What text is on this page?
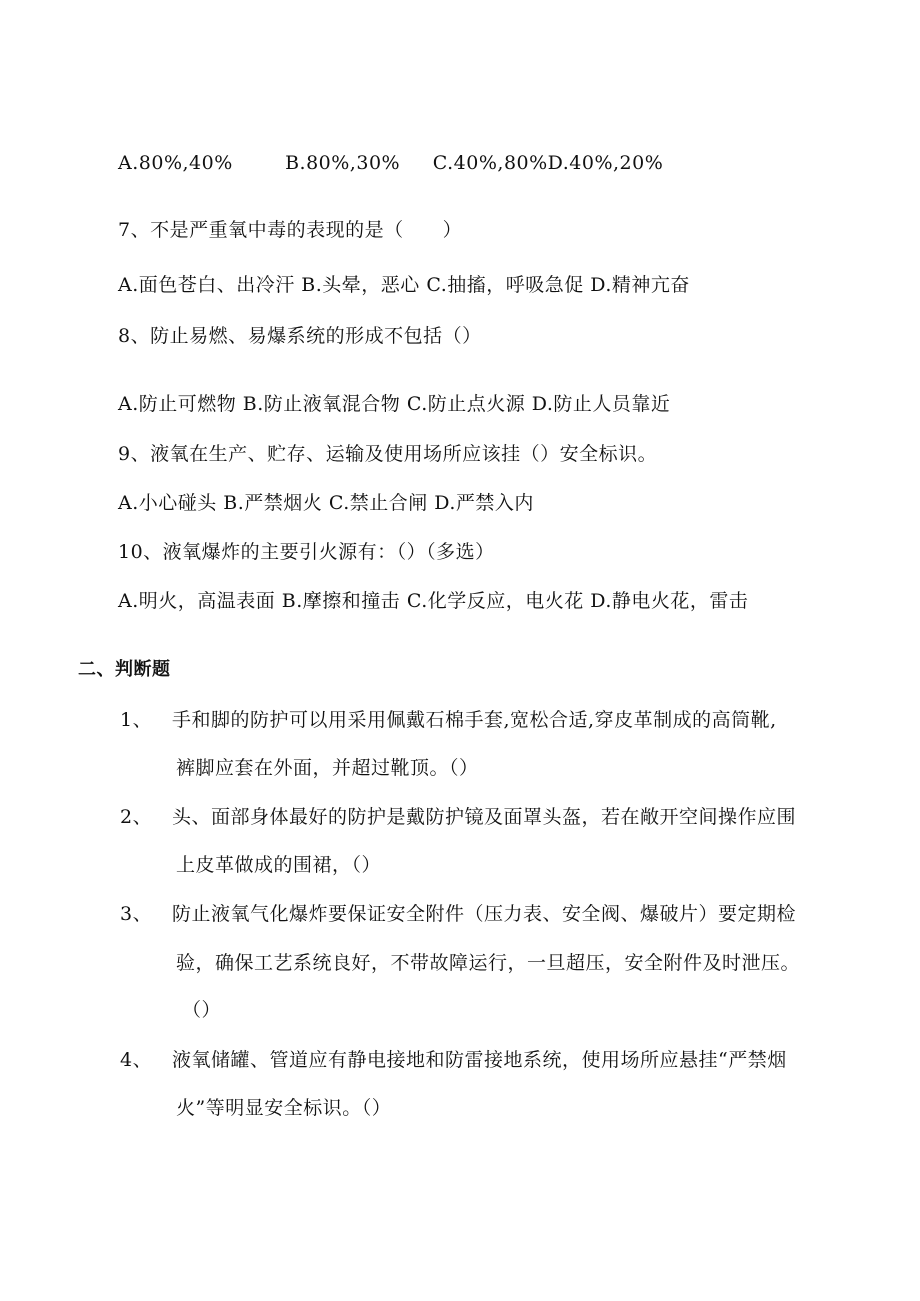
A.80%,40%        B.80%,30%     C.40%,80%D.40%,20%
7、不是严重氧中毒的表现的是（　　）
A.面色苍白、出冷汗 B.头晕，恶心 C.抽搐，呼吸急促 D.精神亢奋
8、防止易燃、易爆系统的形成不包括（）
A.防止可燃物 B.防止液氧混合物 C.防止点火源 D.防止人员靠近
9、液氧在生产、贮存、运输及使用场所应该挂（）安全标识。
A.小心碰头 B.严禁烟火 C.禁止合闸 D.严禁入内
10、液氧爆炸的主要引火源有：（）（多选）
A.明火，高温表面 B.摩擦和撞击 C.化学反应，电火花 D.静电火花，雷击
二、判断题
1、 手和脚的防护可以用采用佩戴石棉手套,宽松合适,穿皮革制成的高筒靴,
裤脚应套在外面，并超过靴顶。（）
2、 头、面部身体最好的防护是戴防护镜及面罩头盔，若在敞开空间操作应围
上皮革做成的围裙，（）
3、 防止液氧气化爆炸要保证安全附件（压力表、安全阀、爆破片）要定期检
验，确保工艺系统良好，不带故障运行，一旦超压，安全附件及时泄压。
（）
4、 液氧储罐、管道应有静电接地和防雷接地系统，使用场所应悬挂“严禁烟
火”等明显安全标识。（）
